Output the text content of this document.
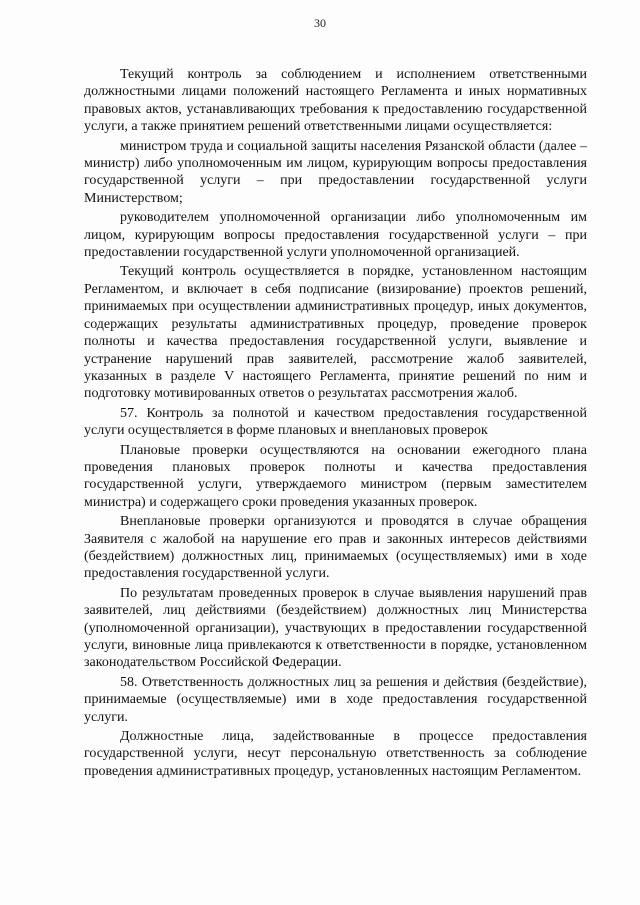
30

Текущий контроль за соблюдением и исполнением ответственными должностными лицами положений настоящего Регламента и иных нормативных правовых актов, устанавливающих требования к предоставлению государственной услуги, а также принятием решений ответственными лицами осуществляется:

министром труда и социальной защиты населения Рязанской области (далее – министр) либо уполномоченным им лицом, курирующим вопросы предоставления государственной услуги – при предоставлении государственной услуги Министерством;

руководителем уполномоченной организации либо уполномоченным им лицом, курирующим вопросы предоставления государственной услуги – при предоставлении государственной услуги уполномоченной организацией.

Текущий контроль осуществляется в порядке, установленном настоящим Регламентом, и включает в себя подписание (визирование) проектов решений, принимаемых при осуществлении административных процедур, иных документов, содержащих результаты административных процедур, проведение проверок полноты и качества предоставления государственной услуги, выявление и устранение нарушений прав заявителей, рассмотрение жалоб заявителей, указанных в разделе V настоящего Регламента, принятие решений по ним и подготовку мотивированных ответов о результатах рассмотрения жалоб.

57. Контроль за полнотой и качеством предоставления государственной услуги осуществляется в форме плановых и внеплановых проверок

Плановые проверки осуществляются на основании ежегодного плана проведения плановых проверок полноты и качества предоставления государственной услуги, утверждаемого министром (первым заместителем министра) и содержащего сроки проведения указанных проверок.

Внеплановые проверки организуются и проводятся в случае обращения Заявителя с жалобой на нарушение его прав и законных интересов действиями (бездействием) должностных лиц, принимаемых (осуществляемых) ими в ходе предоставления государственной услуги.

По результатам проведенных проверок в случае выявления нарушений прав заявителей, лиц действиями (бездействием) должностных лиц Министерства (уполномоченной организации), участвующих в предоставлении государственной услуги, виновные лица привлекаются к ответственности в порядке, установленном законодательством Российской Федерации.

58. Ответственность должностных лиц за решения и действия (бездействие), принимаемые (осуществляемые) ими в ходе предоставления государственной услуги.

Должностные лица, задействованные в процессе предоставления государственной услуги, несут персональную ответственность за соблюдение проведения административных процедур, установленных настоящим Регламентом.
